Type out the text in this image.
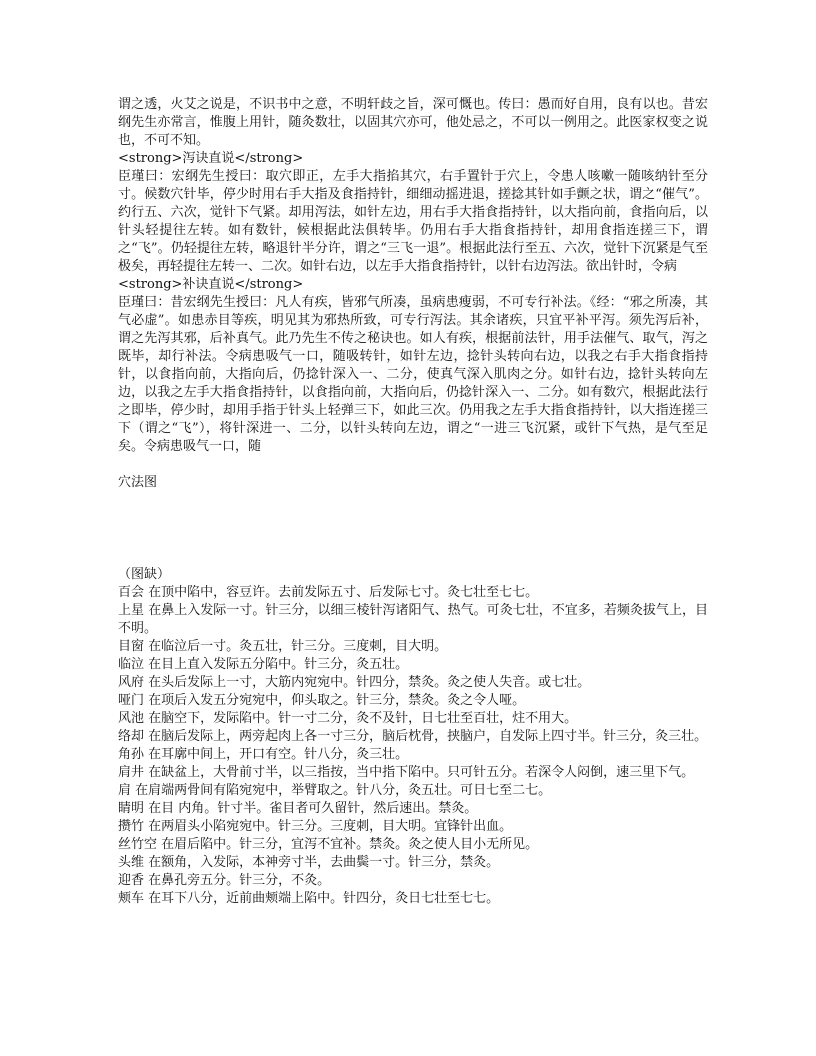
谓之透，火艾之说是，不识书中之意，不明轩歧之旨，深可慨也。传曰：愚而好自用，良有以也。昔宏纲先生亦常言，惟腹上用针，随灸数壮，以固其穴亦可，他处忌之，不可以一例用之。此医家权变之说也，不可不知。

<strong>泻诀直说</strong>

臣瑾曰：宏纲先生授曰：取穴即正，左手大指掐其穴，右手置针于穴上，令患人咳嗽一随咳纳针至分寸。候数穴针毕，停少时用右手大指及食指持针，细细动摇进退，搓捻其针如手颤之状，谓之“催气”。约行五、六次，觉针下气紧。却用泻法，如针左边，用右手大指食指持针，以大指向前，食指向后，以针头轻提往左转。如有数针，候根据此法俱转毕。仍用右手大指食指持针，却用食指连搓三下，谓之“飞”。仍轻提往左转，略退针半分许，谓之“三飞一退”。根据此法行至五、六次，觉针下沉紧是气至极矣，再轻提往左转一、二次。如针右边，以左手大指食指持针，以针右边泻法。欲出针时，令病

<strong>补诀直说</strong>

臣瑾曰：昔宏纲先生授曰：凡人有疾，皆邪气所凑，虽病患瘦弱，不可专行补法。《经：“邪之所凑，其气必虚”。如患赤目等疾，明见其为邪热所致，可专行泻法。其余诸疾，只宜平补平泻。须先泻后补，谓之先泻其邪，后补真气。此乃先生不传之秘诀也。如人有疾，根据前法针，用手法催气、取气，泻之既毕，却行补法。令病患吸气一口，随吸转针，如针左边，捻针头转向右边，以我之右手大指食指持针，以食指向前，大指向后，仍捻针深入一、二分，使真气深入肌肉之分。如针右边，捻针头转向左边，以我之左手大指食指持针，以食指向前，大指向后，仍捻针深入一、二分。如有数穴，根据此法行之即毕，停少时，却用手指于针头上轻弹三下，如此三次。仍用我之左手大指食指持针，以大指连搓三下（谓之“飞”），将针深进一、二分，以针头转向左边，谓之“一进三飞沉紧，或针下气热，是气至足矣。令病患吸气一口，随

穴法图

（图缺）

百会 在顶中陷中，容豆许。去前发际五寸、后发际七寸。灸七壮至七七。

上星 在鼻上入发际一寸。针三分，以细三棱针泻诸阳气、热气。可灸七壮，不宜多，若频灸拔气上，目不明。

目窗 在临泣后一寸。灸五壮，针三分。三度刺，目大明。

临泣 在目上直入发际五分陷中。针三分，灸五壮。

风府 在头后发际上一寸，大筋内宛宛中。针四分，禁灸。灸之使人失音。或七壮。

哑门 在项后入发五分宛宛中，仰头取之。针三分，禁灸。灸之令人哑。

风池 在脑空下，发际陷中。针一寸二分，灸不及针，日七壮至百壮，炷不用大。

络却 在脑后发际上，两旁起肉上各一寸三分，脑后枕骨，挟脑户，自发际上四寸半。针三分，灸三壮。

角孙 在耳廓中间上，开口有空。针八分，灸三壮。

肩井 在缺盆上，大骨前寸半，以三指按，当中指下陷中。只可针五分。若深令人闷倒，速三里下气。

肩 在肩端两骨间有陷宛宛中，举臂取之。针八分，灸五壮。可日七至二七。

睛明 在目 内角。针寸半。雀目者可久留针，然后速出。禁灸。

攒竹 在两眉头小陷宛宛中。针三分。三度刺，目大明。宜锋针出血。

丝竹空 在眉后陷中。针三分，宜泻不宜补。禁灸。灸之使人目小无所见。

头维 在额角，入发际，本神旁寸半，去曲鬓一寸。针三分，禁灸。

迎香 在鼻孔旁五分。针三分，不灸。

颊车 在耳下八分，近前曲颊端上陷中。针四分，灸日七壮至七七。
